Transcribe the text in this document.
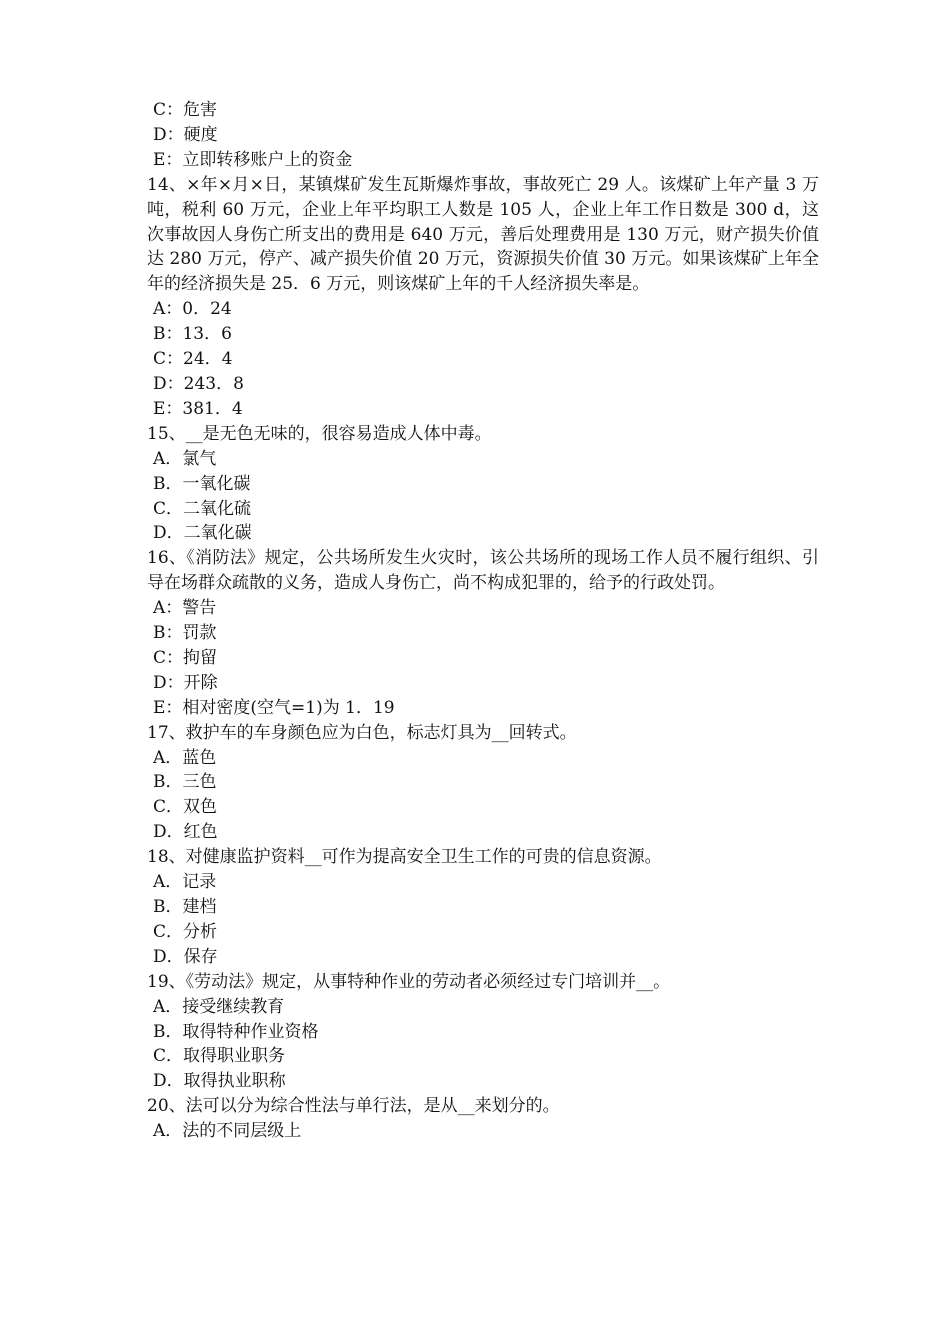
C：危害

D：硬度

E：立即转移账户上的资金

14、×年×月×日，某镇煤矿发生瓦斯爆炸事故，事故死亡 29 人。该煤矿上年产量 3 万吨，税利 60 万元，企业上年平均职工人数是 105 人，企业上年工作日数是 300 d，这次事故因人身伤亡所支出的费用是 640 万元，善后处理费用是 130 万元，财产损失价值达 280 万元，停产、减产损失价值 20 万元，资源损失价值 30 万元。如果该煤矿上年全年的经济损失是 25．6 万元，则该煤矿上年的千人经济损失率是。

A：0．24

B：13．6

C：24．4

D：243．8

E：381．4

15、__是无色无味的，很容易造成人体中毒。

A．氯气

B．一氧化碳

C．二氧化硫

D．二氧化碳

16、《消防法》规定，公共场所发生火灾时，该公共场所的现场工作人员不履行组织、引导在场群众疏散的义务，造成人身伤亡，尚不构成犯罪的，给予的行政处罚。

A：警告

B：罚款

C：拘留

D：开除

E：相对密度(空气=1)为 1．19

17、救护车的车身颜色应为白色，标志灯具为__回转式。

A．蓝色

B．三色

C．双色

D．红色

18、对健康监护资料__可作为提高安全卫生工作的可贵的信息资源。

A．记录

B．建档

C．分析

D．保存

19、《劳动法》规定，从事特种作业的劳动者必须经过专门培训并__。

A．接受继续教育

B．取得特种作业资格

C．取得职业职务

D．取得执业职称

20、法可以分为综合性法与单行法，是从__来划分的。

A．法的不同层级上
